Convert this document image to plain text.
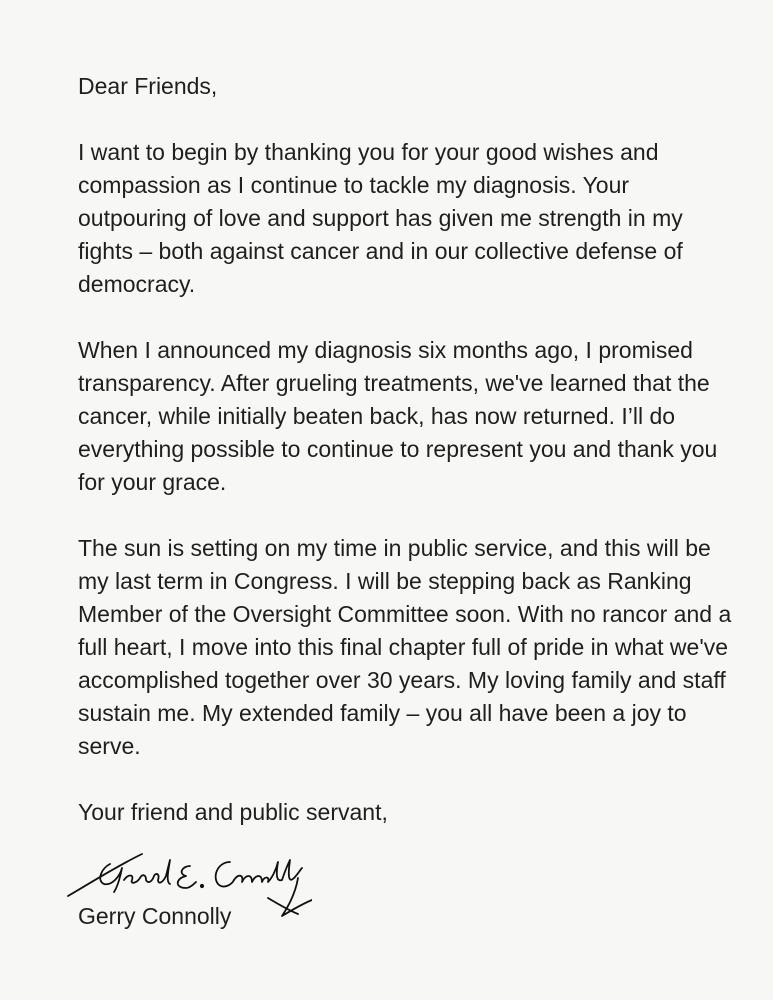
Dear Friends,

I want to begin by thanking you for your good wishes and compassion as I continue to tackle my diagnosis. Your outpouring of love and support has given me strength in my fights – both against cancer and in our collective defense of democracy.

When I announced my diagnosis six months ago, I promised transparency. After grueling treatments, we've learned that the cancer, while initially beaten back, has now returned. I’ll do everything possible to continue to represent you and thank you for your grace.

The sun is setting on my time in public service, and this will be my last term in Congress. I will be stepping back as Ranking Member of the Oversight Committee soon. With no rancor and a full heart, I move into this final chapter full of pride in what we've accomplished together over 30 years. My loving family and staff sustain me. My extended family – you all have been a joy to serve.

Your friend and public servant,

Gerry Connolly
